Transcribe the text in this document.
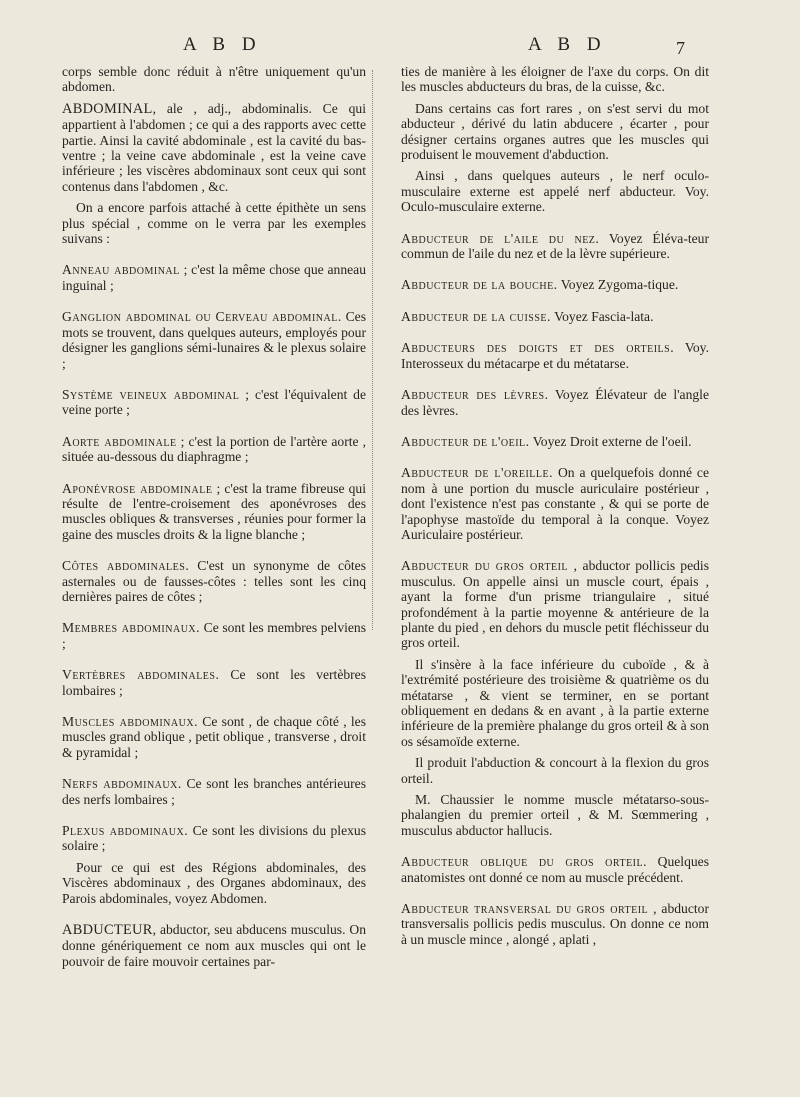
A B D	A B D	7

corps semble donc réduit à n'être uniquement qu'un abdomen.

ABDOMINAL, ale , adj., abdominalis. Ce qui appartient à l'abdomen ; ce qui a des rapports avec cette partie. Ainsi la cavité abdominale , est la cavité du bas-ventre ; la veine cave abdominale , est la veine cave inférieure ; les viscères abdominaux sont ceux qui sont contenus dans l'abdomen , &c.

On a encore parfois attaché à cette épithète un sens plus spécial , comme on le verra par les exemples suivans :

Anneau abdominal ; c'est la même chose que anneau inguinal ;

Ganglion abdominal ou Cerveau abdominal. Ces mots se trouvent, dans quelques auteurs, employés pour désigner les ganglions sémi-lunaires & le plexus solaire ;

Système veineux abdominal ; c'est l'équivalent de veine porte ;

Aorte abdominale ; c'est la portion de l'artère aorte , située au-dessous du diaphragme ;

Aponévrose abdominale ; c'est la trame fibreuse qui résulte de l'entre-croisement des aponévroses des muscles obliques & transverses , réunies pour former la gaine des muscles droits & la ligne blanche ;

Côtes abdominales. C'est un synonyme de côtes asternales ou de fausses-côtes : telles sont les cinq dernières paires de côtes ;

Membres abdominaux. Ce sont les membres pelviens ;

Vertèbres abdominales. Ce sont les vertèbres lombaires ;

Muscles abdominaux. Ce sont , de chaque côté , les muscles grand oblique , petit oblique , transverse , droit & pyramidal ;

Nerfs abdominaux. Ce sont les branches antérieures des nerfs lombaires ;

Plexus abdominaux. Ce sont les divisions du plexus solaire ;

Pour ce qui est des Régions abdominales, des Viscères abdominaux , des Organes abdominaux, des Parois abdominales, voyez Abdomen.

ABDUCTEUR, abductor, seu abducens musculus. On donne génériquement ce nom aux muscles qui ont le pouvoir de faire mouvoir certaines par-

ties de manière à les éloigner de l'axe du corps. On dit les muscles abducteurs du bras, de la cuisse, &c.

Dans certains cas fort rares , on s'est servi du mot abducteur , dérivé du latin abducere , écarter , pour désigner certains organes autres que les muscles qui produisent le mouvement d'abduction.

Ainsi , dans quelques auteurs , le nerf oculo-musculaire externe est appelé nerf abducteur. Voy. Oculo-musculaire externe.

Abducteur de l'aile du nez. Voyez Éléva-teur commun de l'aile du nez et de la lèvre supérieure.

Abducteur de la bouche. Voyez Zygoma-tique.

Abducteur de la cuisse. Voyez Fascia-lata.

Abducteurs des doigts et des orteils. Voy. Interosseux du métacarpe et du métatarse.

Abducteur des lèvres. Voyez Élévateur de l'angle des lèvres.

Abducteur de l'oeil. Voyez Droit externe de l'oeil.

Abducteur de l'oreille. On a quelquefois donné ce nom à une portion du muscle auriculaire postérieur , dont l'existence n'est pas constante , & qui se porte de l'apophyse mastoïde du temporal à la conque. Voyez Auriculaire postérieur.

Abducteur du gros orteil , abductor pollicis pedis musculus. On appelle ainsi un muscle court, épais , ayant la forme d'un prisme triangulaire , situé profondément à la partie moyenne & antérieure de la plante du pied , en dehors du muscle petit fléchisseur du gros orteil.

Il s'insère à la face inférieure du cuboïde , & à l'extrémité postérieure des troisième & quatrième os du métatarse , & vient se terminer, en se portant obliquement en dedans & en avant , à la partie externe inférieure de la première phalange du gros orteil & à son os sésamoïde externe.

Il produit l'abduction & concourt à la flexion du gros orteil.

M. Chaussier le nomme muscle métatarso-sous-phalangien du premier orteil , & M. Sœmmering , musculus abductor hallucis.

Abducteur oblique du gros orteil. Quelques anatomistes ont donné ce nom au muscle précédent.

Abducteur transversal du gros orteil , abductor transversalis pollicis pedis musculus. On donne ce nom à un muscle mince , alongé , aplati ,
